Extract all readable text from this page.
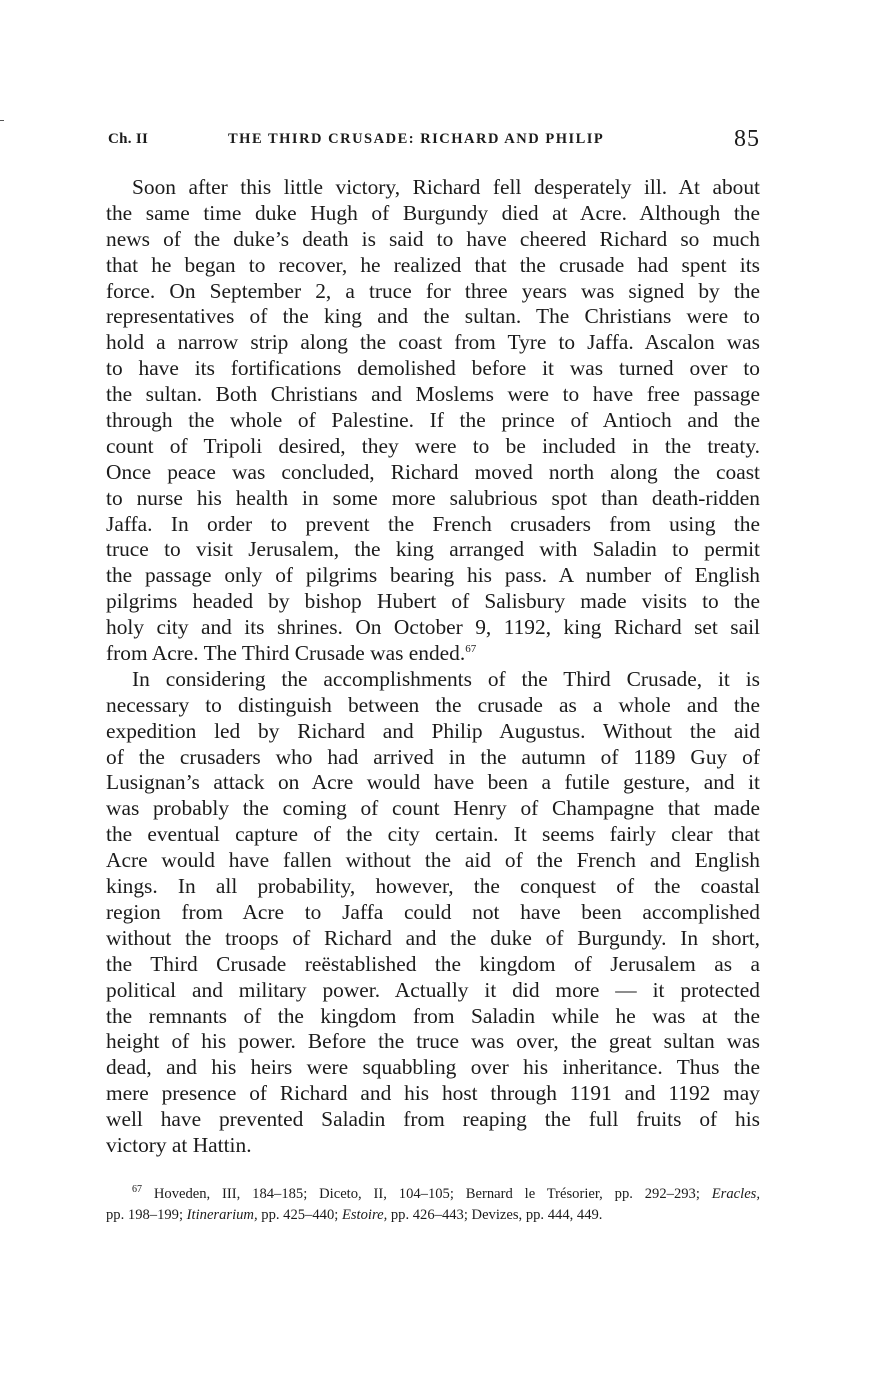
Ch. II	THE THIRD CRUSADE: RICHARD AND PHILIP	85
Soon after this little victory, Richard fell desperately ill. At about
the same time duke Hugh of Burgundy died at Acre. Although the
news of the duke’s death is said to have cheered Richard so much
that he began to recover, he realized that the crusade had spent its
force. On September 2, a truce for three years was signed by the
representatives of the king and the sultan. The Christians were to
hold a narrow strip along the coast from Tyre to Jaffa. Ascalon was
to have its fortifications demolished before it was turned over to
the sultan. Both Christians and Moslems were to have free passage
through the whole of Palestine. If the prince of Antioch and the
count of Tripoli desired, they were to be included in the treaty.
Once peace was concluded, Richard moved north along the coast
to nurse his health in some more salubrious spot than death-ridden
Jaffa. In order to prevent the French crusaders from using the
truce to visit Jerusalem, the king arranged with Saladin to permit
the passage only of pilgrims bearing his pass. A number of English
pilgrims headed by bishop Hubert of Salisbury made visits to the
holy city and its shrines. On October 9, 1192, king Richard set sail
from Acre. The Third Crusade was ended.$^{67}$
In considering the accomplishments of the Third Crusade, it is
necessary to distinguish between the crusade as a whole and the
expedition led by Richard and Philip Augustus. Without the aid
of the crusaders who had arrived in the autumn of 1189 Guy of
Lusignan’s attack on Acre would have been a futile gesture, and it
was probably the coming of count Henry of Champagne that made
the eventual capture of the city certain. It seems fairly clear that
Acre would have fallen without the aid of the French and English
kings. In all probability, however, the conquest of the coastal
region from Acre to Jaffa could not have been accomplished
without the troops of Richard and the duke of Burgundy. In short,
the Third Crusade reëstablished the kingdom of Jerusalem as a
political and military power. Actually it did more — it protected
the remnants of the kingdom from Saladin while he was at the
height of his power. Before the truce was over, the great sultan was
dead, and his heirs were squabbling over his inheritance. Thus the
mere presence of Richard and his host through 1191 and 1192 may
well have prevented Saladin from reaping the full fruits of his
victory at Hattin.
$^{67}$ Hoveden, III, 184–185; Diceto, II, 104–105; Bernard le Trésorier, pp. 292–293; Eracles,
pp. 198–199; Itinerarium, pp. 425–440; Estoire, pp. 426–443; Devizes, pp. 444, 449.
